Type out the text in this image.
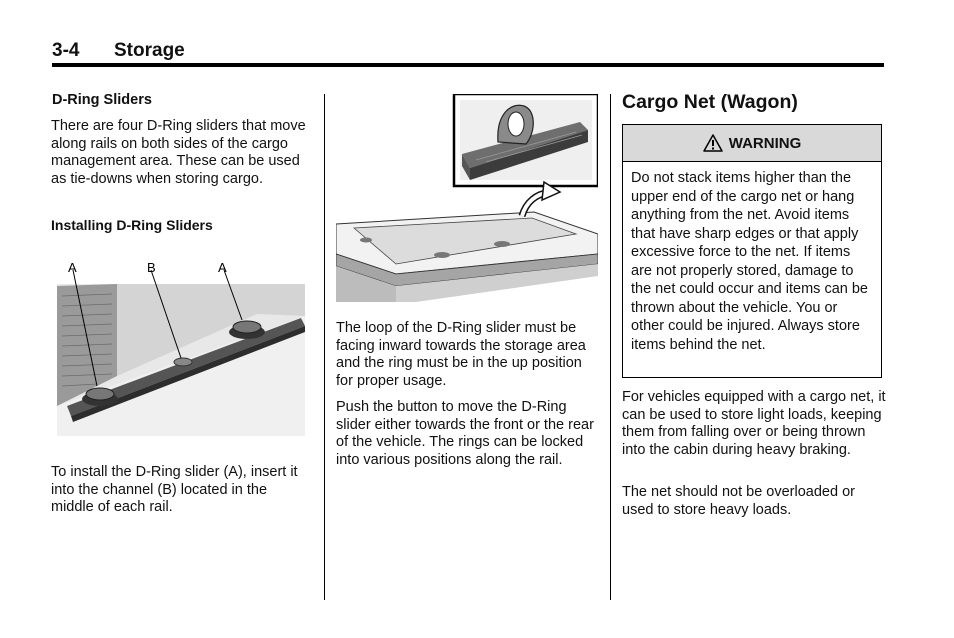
3-4 Storage
D-Ring Sliders
There are four D-Ring sliders that move along rails on both sides of the cargo management area. These can be used as tie-downs when storing cargo.
Installing D-Ring Sliders
A	B	A
To install the D-Ring slider (A), insert it into the channel (B) located in the middle of each rail.
The loop of the D-Ring slider must be facing inward towards the storage area and the ring must be in the up position for proper usage.
Push the button to move the D-Ring slider either towards the front or the rear of the vehicle. The rings can be locked into various positions along the rail.
Cargo Net (Wagon)
WARNING
Do not stack items higher than the upper end of the cargo net or hang anything from the net. Avoid items that have sharp edges or that apply excessive force to the net. If items are not properly stored, damage to the net could occur and items can be thrown about the vehicle. You or other could be injured. Always store items behind the net.
For vehicles equipped with a cargo net, it can be used to store light loads, keeping them from falling over or being thrown into the cabin during heavy braking.
The net should not be overloaded or used to store heavy loads.
